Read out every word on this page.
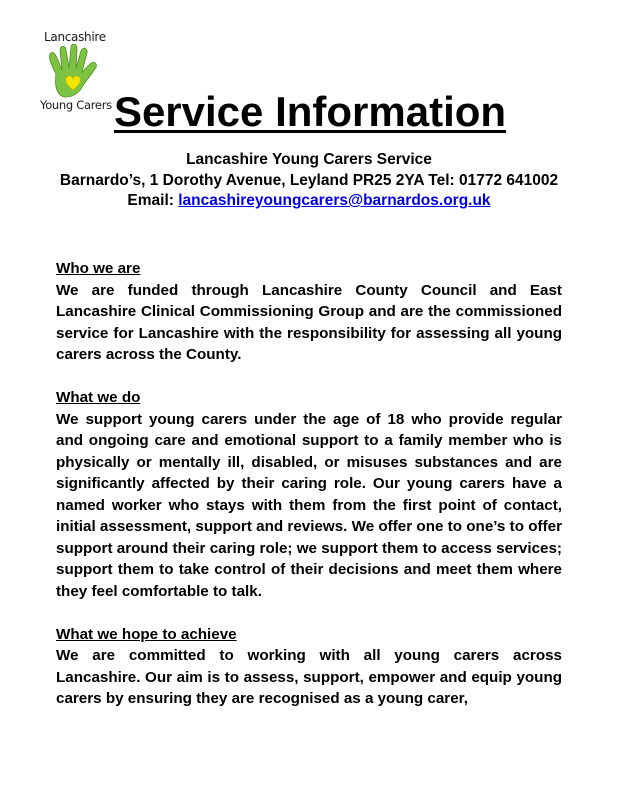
Lancashire
Young Carers Service Information
Lancashire Young Carers Service
Barnardo’s, 1 Dorothy Avenue, Leyland PR25 2YA Tel: 01772 641002
Email: lancashireyoungcarers@barnardos.org.uk
Who we are
We are funded through Lancashire County Council and East Lancashire Clinical Commissioning Group and are the commissioned service for Lancashire with the responsibility for assessing all young carers across the County.
What we do
We support young carers under the age of 18 who provide regular and ongoing care and emotional support to a family member who is physically or mentally ill, disabled, or misuses substances and are significantly affected by their caring role. Our young carers have a named worker who stays with them from the first point of contact, initial assessment, support and reviews. We offer one to one’s to offer support around their caring role; we support them to access services; support them to take control of their decisions and meet them where they feel comfortable to talk.
What we hope to achieve
We are committed to working with all young carers across Lancashire. Our aim is to assess, support, empower and equip young carers by ensuring they are recognised as a young carer,
